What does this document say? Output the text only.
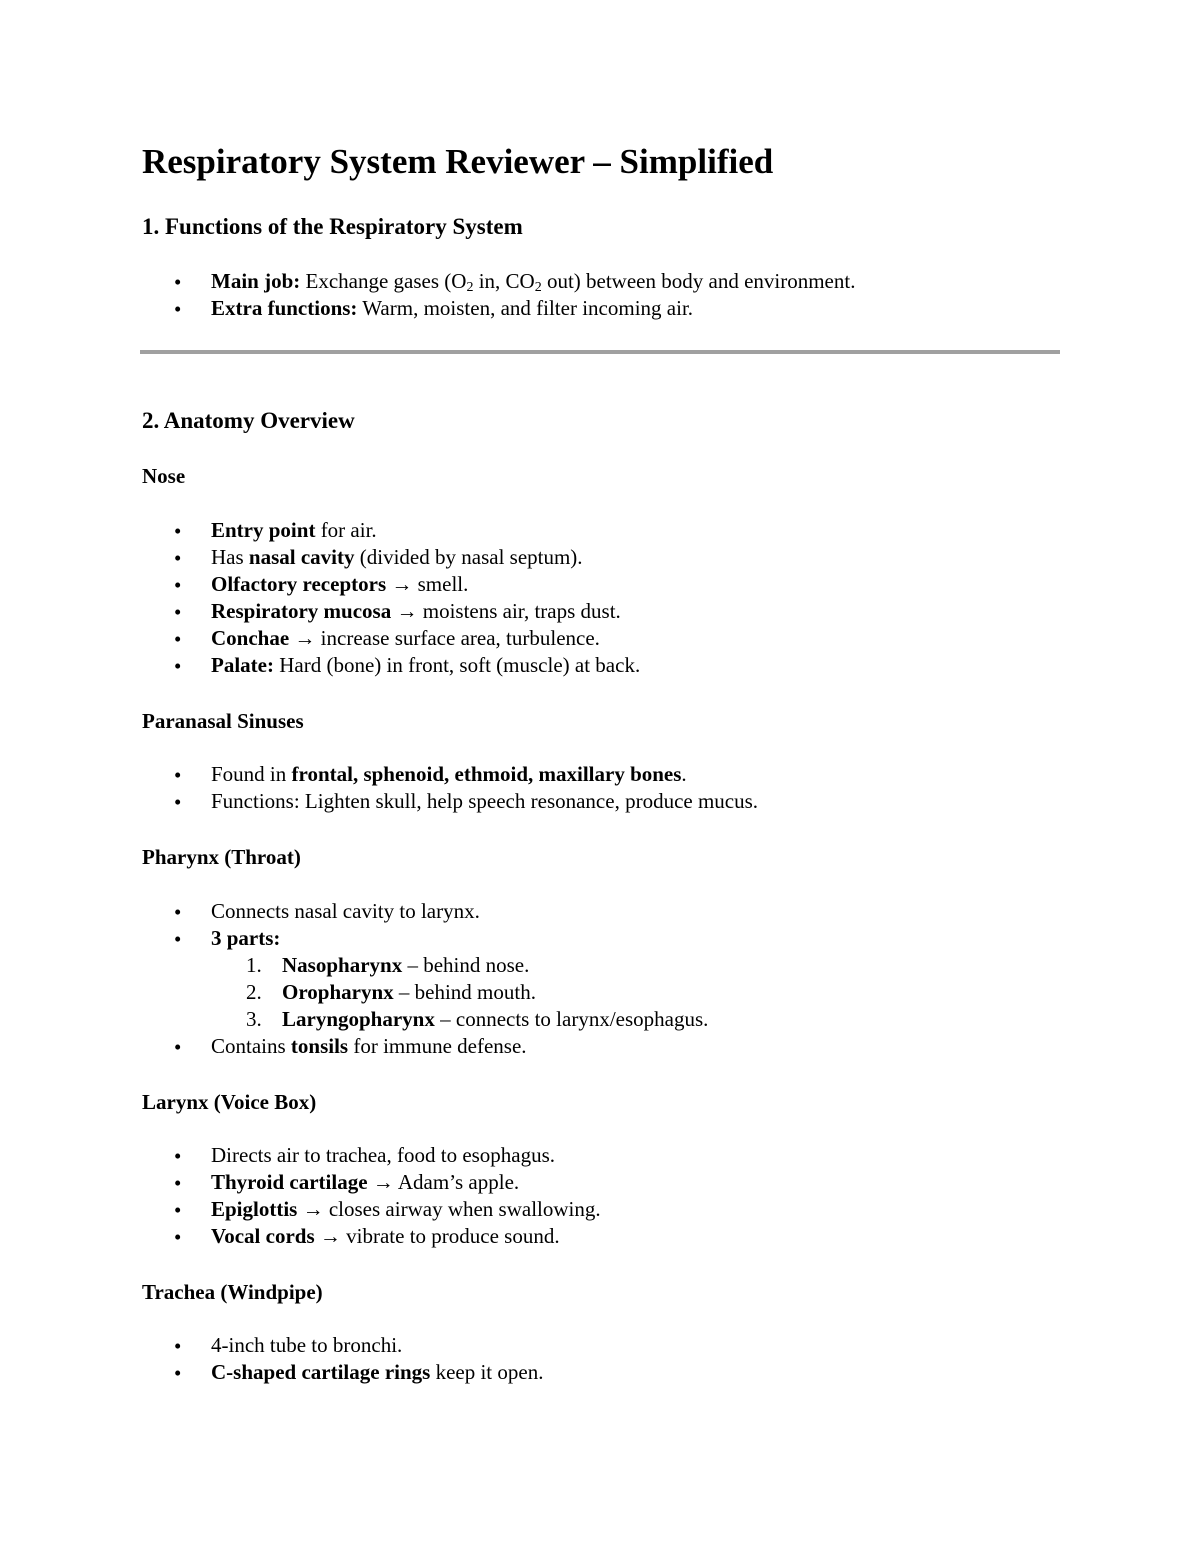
Respiratory System Reviewer – Simplified
1. Functions of the Respiratory System
• Main job: Exchange gases ($O_2$ in, $CO_2$ out) between body and environment.

• Extra functions: Warm, moisten, and filter incoming air.

2. Anatomy Overview

Nose

• Entry point for air.

• Has nasal cavity (divided by nasal septum).

• Olfactory receptors → smell.

• Respiratory mucosa → moistens air, traps dust.

• Conchae → increase surface area, turbulence.

• Palate: Hard (bone) in front, soft (muscle) at back.

Paranasal Sinuses

• Found in frontal, sphenoid, ethmoid, maxillary bones.

• Functions: Lighten skull, help speech resonance, produce mucus.

Pharynx (Throat)

• Connects nasal cavity to larynx.

• 3 parts:

1. Nasopharynx – behind nose.

2. Oropharynx – behind mouth.

3. Laryngopharynx – connects to larynx/esophagus.

• Contains tonsils for immune defense.

Larynx (Voice Box)

• Directs air to trachea, food to esophagus.

• Thyroid cartilage → Adam’s apple.

• Epiglottis → closes airway when swallowing.

• Vocal cords → vibrate to produce sound.

Trachea (Windpipe)

• 4-inch tube to bronchi.

• C-shaped cartilage rings keep it open.
